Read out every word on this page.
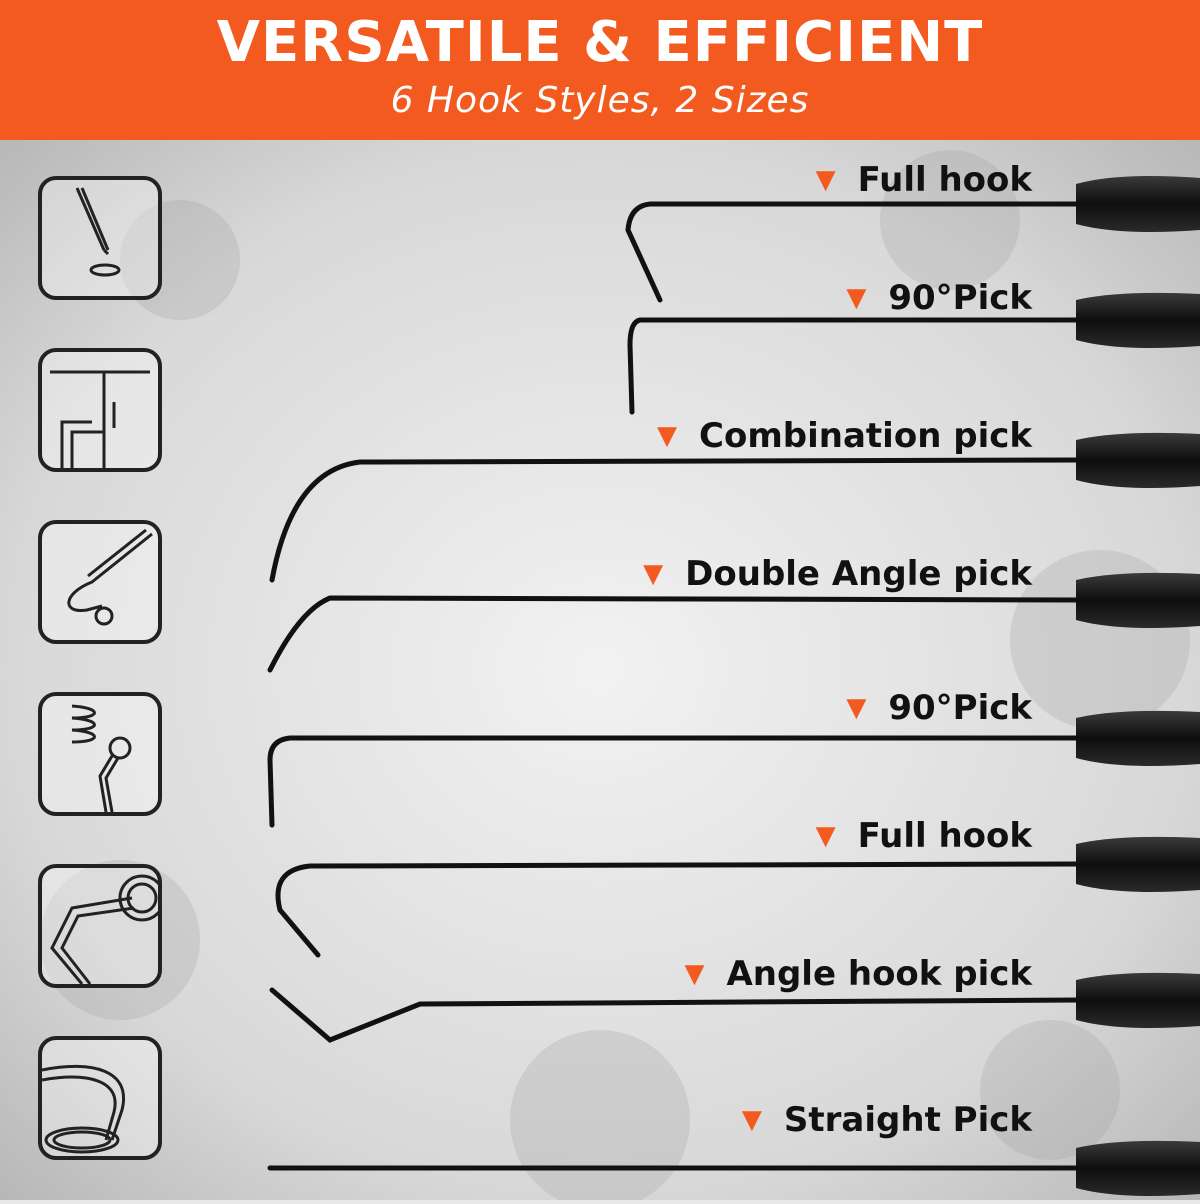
VERSATILE & EFFICIENT
6 Hook Styles, 2 Sizes
▼ Full hook
▼ 90°Pick
▼ Combination pick
▼ Double Angle pick
▼ 90°Pick
▼ Full hook
▼ Angle hook pick
▼ Straight Pick
